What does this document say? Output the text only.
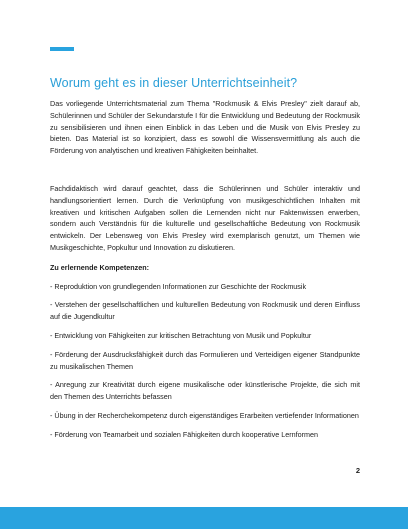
Worum geht es in dieser Unterrichtseinheit?

Das vorliegende Unterrichtsmaterial zum Thema "Rockmusik & Elvis Presley" zielt darauf ab, Schülerinnen und Schüler der Sekundarstufe I für die Entwicklung und Bedeutung der Rockmusik zu sensibilisieren und ihnen einen Einblick in das Leben und die Musik von Elvis Presley zu bieten. Das Material ist so konzipiert, dass es sowohl die Wissensvermittlung als auch die Förderung von analytischen und kreativen Fähigkeiten beinhaltet.

Fachdidaktisch wird darauf geachtet, dass die Schülerinnen und Schüler interaktiv und handlungsorientiert lernen. Durch die Verknüpfung von musikgeschichtlichen Inhalten mit kreativen und kritischen Aufgaben sollen die Lernenden nicht nur Faktenwissen erwerben, sondern auch Verständnis für die kulturelle und gesellschaftliche Bedeutung von Rockmusik entwickeln. Der Lebensweg von Elvis Presley wird exemplarisch genutzt, um Themen wie Musikgeschichte, Popkultur und Innovation zu diskutieren.

Zu erlernende Kompetenzen:

- Reproduktion von grundlegenden Informationen zur Geschichte der Rockmusik
- Verstehen der gesellschaftlichen und kulturellen Bedeutung von Rockmusik und deren Einfluss auf die Jugendkultur
- Entwicklung von Fähigkeiten zur kritischen Betrachtung von Musik und Popkultur
- Förderung der Ausdrucksfähigkeit durch das Formulieren und Verteidigen eigener Standpunkte zu musikalischen Themen
- Anregung zur Kreativität durch eigene musikalische oder künstlerische Projekte, die sich mit den Themen des Unterrichts befassen
- Übung in der Recherchekompetenz durch eigenständiges Erarbeiten vertiefender Informationen
- Förderung von Teamarbeit und sozialen Fähigkeiten durch kooperative Lernformen
2
